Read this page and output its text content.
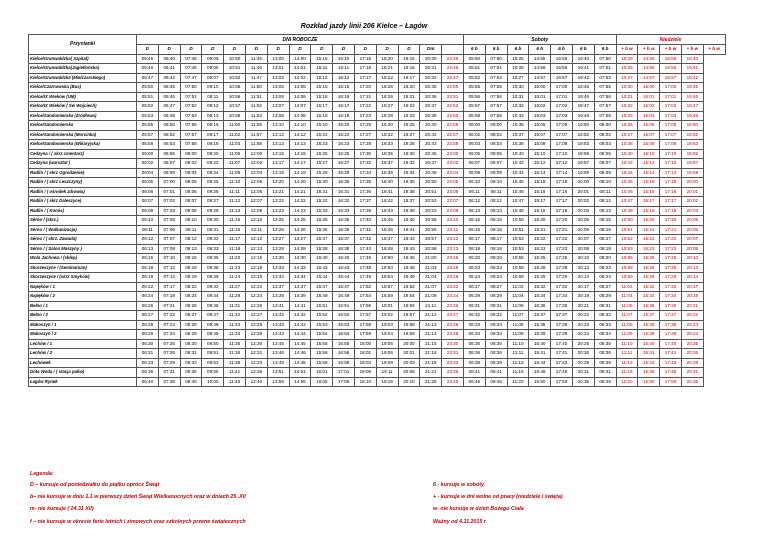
Rozkład jazdy linii 206 Kielce – Łagów
Przystanki	DNI ROBOCZE															Soboty							Niedziele				
	D	D	D	D	D	D	D	D	D	D	D	D	D	Dm		6 b	6 b	6 b	6 b	6 b	6 b	6 b	+ b w	+ b w	+ b w	+ b w	+ b w
Kielce/Grunwaldzka( Szpital)	05:45	06:40	07:45	09:05	10:50	11:45	13:00	14:00	15:15	16:10	17:15	18:20	19:15	20:30	22:45	05:50	07:50	10:25	14:55	16:55	19:40	07:50	10:25	14:55	16:55	19:40	
Kielce/Grunwaldzka(Jagiellońska)	05:46	06:41	07:46	09:06	10:51	11:46	13:01	14:01	15:11	16:11	17:16	18:21	19:16	20:31	22:46	05:51	07:51	10:26	14:56	16:56	19:41	07:51	10:26	14:56	16:56	19:41	
Kielce/Grunwaldzka (Mielczarskiego)	05:47	06:42	07:47	09:07	10:52	11:47	13:02	14:02	15:12	16:12	17:17	18:22	19:17	20:32	22:47	05:52	07:52	10:27	14:57	16:57	19:42	07:52	10:27	14:57	16:57	19:42	
Kielce/Czarnowska (Bus)	05:50	06:45	07:50	09:10	10:55	11:50	13:05	14:05	15:15	16:15	17:20	18:25	19:20	20:35	22:50	05:55	07:55	10:30	15:00	17:00	19:45	07:55	10:30	15:00	17:00	19:45	
Kielce/IX Wieków (UM)	05:51	06:46	07:51	09:11	10:56	11:51	13:06	14:06	15:16	16:16	17:21	18:26	19:21	20:36	22:51	05:56	07:56	10:31	15:01	17:01	19:46	07:56	10:31	15:01	17:01	19:46	
Kielce/IX Wieków ( Św Wojciech)	05:52	06:47	07:52	09:12	10:57	11:52	13:07	14:07	15:17	16:17	17:22	18:27	19:22	20:37	22:52	05:57	07:57	10:32	15:02	17:02	19:47	07:57	10:32	15:02	17:02	19:47	
Kielce/Sandomierska (Źródłowa)	05:53	06:48	07:53	09:13	10:58	11:53	13:08	14:08	15:18	16:18	17:23	18:28	19:23	20:38	22:53	05:58	07:58	10:33	15:03	17:03	19:48	07:58	10:33	15:03	17:03	19:48	
Kielce/Sandomierska	05:55	06:50	07:55	09:15	11:00	11:55	13:10	14:10	15:20	16:20	17:25	18:30	19:25	20:40	22:55	06:00	08:00	10:35	15:05	17:05	19:50	08:00	10:35	15:05	17:05	19:50	
Kielce/Sandomierska (Morcinka)	05:57	06:52	07:57	09:17	11:02	11:57	13:12	14:12	15:22	16:22	17:27	18:32	19:27	20:42	22:57	06:02	08:02	10:37	15:07	17:07	19:52	08:02	10:37	15:07	17:07	19:52	
Kielce/Sandomierska (Wikaryjska)	05:58	06:53	07:58	09:18	11:03	11:58	13:13	14:13	15:23	16:23	17:28	18:33	19:28	20:43	22:58	06:03	08:03	10:38	15:08	17:08	19:53	08:03	10:38	15:08	17:08	19:53	
Cedzyna / ( skrz cmentarz)	06:00	06:55	08:00	09:20	11:05	12:00	13:15	14:15	15:25	16:25	17:30	18:35	19:30	20:45	23:00	06:05	08:05	10:40	15:10	17:10	19:55	08:05	10:40	15:10	17:10	19:55	
Cedzyna (warsztat )	06:02	06:57	08:02	09:22	11:07	12:02	13:17	14:17	15:27	16:27	17:32	18:37	19:32	20:47	23:02	06:07	08:07	10:42	15:12	17:12	19:57	08:07	10:42	15:12	17:12	19:57	
Radlin / ( skrz Ogrodzenie)	06:04	06:59	08:04	09:24	11:09	12:04	13:19	14:19	15:29	16:29	17:34	18:39	19:34	20:49	23:04	06:09	08:09	10:44	15:14	17:14	19:59	08:09	10:44	15:14	17:14	19:59	
Radlin / ( skrz Leszczyny)	06:05	07:00	08:05	09:25	11:10	12:05	13:20	14:20	15:30	16:30	17:35	18:40	19:35	20:50	23:05	06:10	08:10	10:45	15:15	17:15	20:00	08:10	10:45	15:15	17:15	20:00	
Radlin / ( ośrodek zdrowia)	06:06	07:01	08:06	09:26	11:11	12:06	13:21	14:21	15:31	16:31	17:36	18:41	19:36	20:51	23:06	06:11	08:11	10:46	15:16	17:16	20:01	08:11	10:46	15:16	17:16	20:01	
Radlin / ( skrz Daleszyce)	06:07	07:02	08:07	09:27	11:12	12:07	13:22	14:22	15:32	16:32	17:37	18:42	19:37	20:52	23:07	06:12	08:12	10:47	15:17	17:17	20:02	08:12	10:47	15:17	17:17	20:02	
Radlin / ( Komis)	06:08	07:03	08:08	09:28	11:13	12:08	13:23	14:23	15:33	16:33	17:38	18:43	19:38	20:53	23:08	06:13	08:13	10:48	15:18	17:18	20:03	08:13	10:48	15:18	17:18	20:03	
Sérno / (skrz.)	06:10	07:05	08:10	09:30	11:15	12:10	13:25	14:25	15:35	16:35	17:40	18:45	19:40	20:55	23:10	06:15	08:15	10:50	15:20	17:20	20:05	08:15	10:50	15:20	17:20	20:05	
Sérno / ( Wulkanizacja)	06:11	07:06	08:11	09:31	11:16	12:11	13:26	14:26	15:36	16:36	17:41	18:46	19:41	20:56	23:11	06:16	08:16	10:51	15:21	17:21	20:06	08:16	10:51	15:21	17:21	20:06	
Sérno / ( skrz. Zawada)	06:12	07:07	08:12	09:32	11:17	12:12	13:27	14:27	15:37	16:37	17:42	18:47	19:42	20:57	23:12	06:17	08:17	10:52	15:22	17:22	20:07	08:17	10:52	15:22	17:22	20:07	
Sérno / ( Salon Maszyny )	06:13	07:08	08:13	09:33	11:18	12:13	13:28	14:28	15:38	16:38	17:43	18:48	19:43	20:58	23:13	06:18	08:18	10:53	15:23	17:23	20:08	08:18	10:53	15:23	17:23	20:08	
Wola Jachowa / (sklep)	06:15	07:10	08:15	09:35	11:20	12:15	13:30	14:30	15:40	16:40	17:45	18:50	19:45	21:00	23:15	06:20	08:20	10:55	15:25	17:25	20:10	08:20	10:55	15:25	17:25	20:10	
Skorzeszyce / (Seminarium)	06:18	07:13	08:18	09:38	11:23	12:18	13:33	14:33	15:43	16:43	17:48	18:53	19:48	21:03	23:18	06:23	08:23	10:58	15:28	17:28	20:13	08:23	10:58	15:28	17:28	20:13	
Skorzeszyce / (skrz Smyków)	06:19	07:14	08:19	09:39	11:24	12:19	13:34	14:34	15:44	16:44	17:49	18:54	19:49	21:04	23:19	06:24	08:24	10:59	15:29	17:29	20:14	08:24	10:59	15:29	17:29	20:14	
Napęków / 1	06:22	07:17	08:22	09:42	11:27	12:22	13:37	14:37	15:47	16:47	17:52	18:57	19:52	21:07	23:22	06:27	08:27	11:02	15:32	17:32	20:17	08:27	11:02	15:32	17:32	20:17	
Napęków / 2	06:24	07:19	08:24	09:44	11:29	12:24	13:39	14:39	15:49	16:49	17:54	18:59	19:54	21:09	23:24	06:29	08:29	11:04	15:34	17:34	20:19	08:29	11:04	15:34	17:34	20:19	
Belno / 1	06:26	07:21	08:26	09:46	11:31	12:26	13:41	14:41	15:51	16:51	17:56	19:01	19:56	21:11	23:26	06:31	08:31	11:06	15:36	17:36	20:21	08:31	11:06	15:36	17:36	20:21	
Belno / 2	06:27	07:22	08:27	09:47	11:32	12:27	13:42	14:42	15:52	16:52	17:57	19:02	19:57	21:12	23:27	06:32	08:32	11:07	15:37	17:37	20:22	08:32	11:07	15:37	17:37	20:22	
Makoszyn / 1	06:28	07:23	08:28	09:48	11:33	12:28	13:43	14:43	15:53	16:53	17:58	19:03	19:58	21:13	23:28	06:33	08:33	11:08	15:38	17:38	20:23	08:33	11:08	15:38	17:38	20:23	
Makoszyn / 2	06:29	07:24	08:29	09:49	11:34	12:29	13:44	14:44	15:54	16:54	17:59	19:04	19:59	21:14	23:29	06:34	08:34	11:09	15:39	17:39	20:24	08:34	11:09	15:39	17:39	20:24	
Lechów / 1	06:30	07:25	08:30	09:50	11:35	12:30	13:45	14:45	15:55	16:55	18:00	19:05	20:00	21:15	23:30	06:35	08:35	11:10	15:40	17:40	20:25	08:35	11:10	15:40	17:40	20:25	
Lechów / 2	06:31	07:26	08:31	09:51	11:36	12:31	13:46	14:46	15:56	16:56	18:01	19:06	20:01	21:16	23:31	06:36	08:36	11:11	15:41	17:41	20:26	08:36	11:11	15:41	17:41	20:26	
Lechówek	06:33	07:28	08:33	09:53	11:38	12:33	13:48	14:48	15:58	16:58	18:03	19:08	20:03	21:18	23:33	06:38	08:38	11:13	15:43	17:43	20:28	08:38	11:13	15:43	17:43	20:28	
Dóta Woda / ( stacja paliw)	06:36	07:31	08:36	09:56	11:41	12:36	13:51	14:51	16:01	17:01	18:06	19:11	20:06	21:21	23:36	06:41	08:41	11:16	15:46	17:46	20:31	08:41	11:16	15:46	17:46	20:31	
Łagów Rynek	06:40	07:35	08:40	10:00	11:45	12:40	13:55	14:55	16:05	17:05	18:10	19:15	20:10	21:25	23:40	06:45	08:45	11:20	15:50	17:50	20:35	08:45	11:20	15:50	17:50	20:35	
Legenda:
D – kursuje od poniedziałku do piątku oprócz Świąt
b– nie kursuje w dniu 1.1 w pierwszy dzień Świąt Wielkanocnych oraz w dniach 25 .XII
m- nie kursuje ( 24.31 XII)
f – nie kursuje w okresie ferie letnich i zimowych oraz szkolnych przerw świątecznych
6 - kursuje w soboty
+ - kursuje w dni wolne od pracy (niedziele i święta)
w- nie kursuje w dzień Bożego Ciała
Ważny od 4.11.2015 r
